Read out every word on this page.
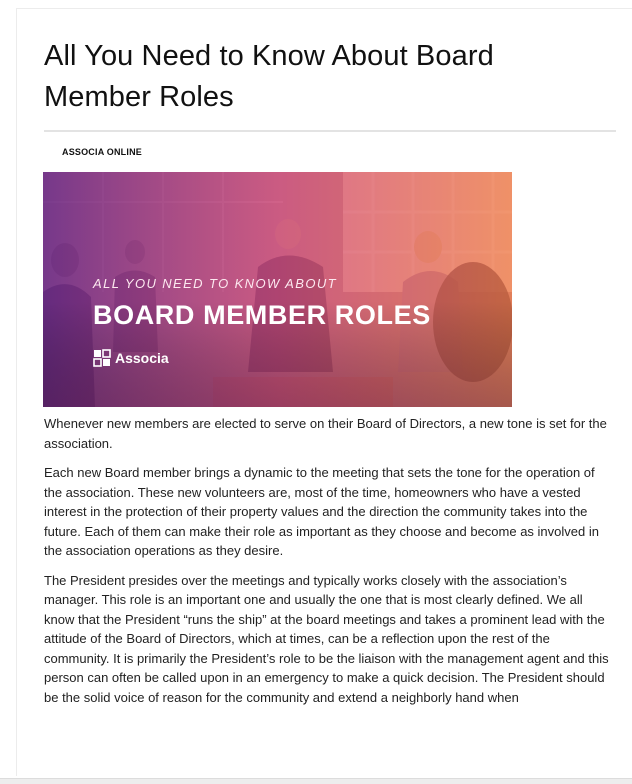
All You Need to Know About Board Member Roles
ASSOCIA ONLINE
ALL YOU NEED TO KNOW ABOUT
BOARD MEMBER ROLES
Associa

Whenever new members are elected to serve on their Board of Directors, a new tone is set for the association.

Each new Board member brings a dynamic to the meeting that sets the tone for the operation of the association. These new volunteers are, most of the time, homeowners who have a vested interest in the protection of their property values and the direction the community takes into the future. Each of them can make their role as important as they choose and become as involved in the association operations as they desire.

The President presides over the meetings and typically works closely with the association’s manager. This role is an important one and usually the one that is most clearly defined. We all know that the President “runs the ship” at the board meetings and takes a prominent lead with the attitude of the Board of Directors, which at times, can be a reflection upon the rest of the community. It is primarily the President’s role to be the liaison with the management agent and this person can often be called upon in an emergency to make a quick decision. The President should be the solid voice of reason for the community and extend a neighborly hand when
